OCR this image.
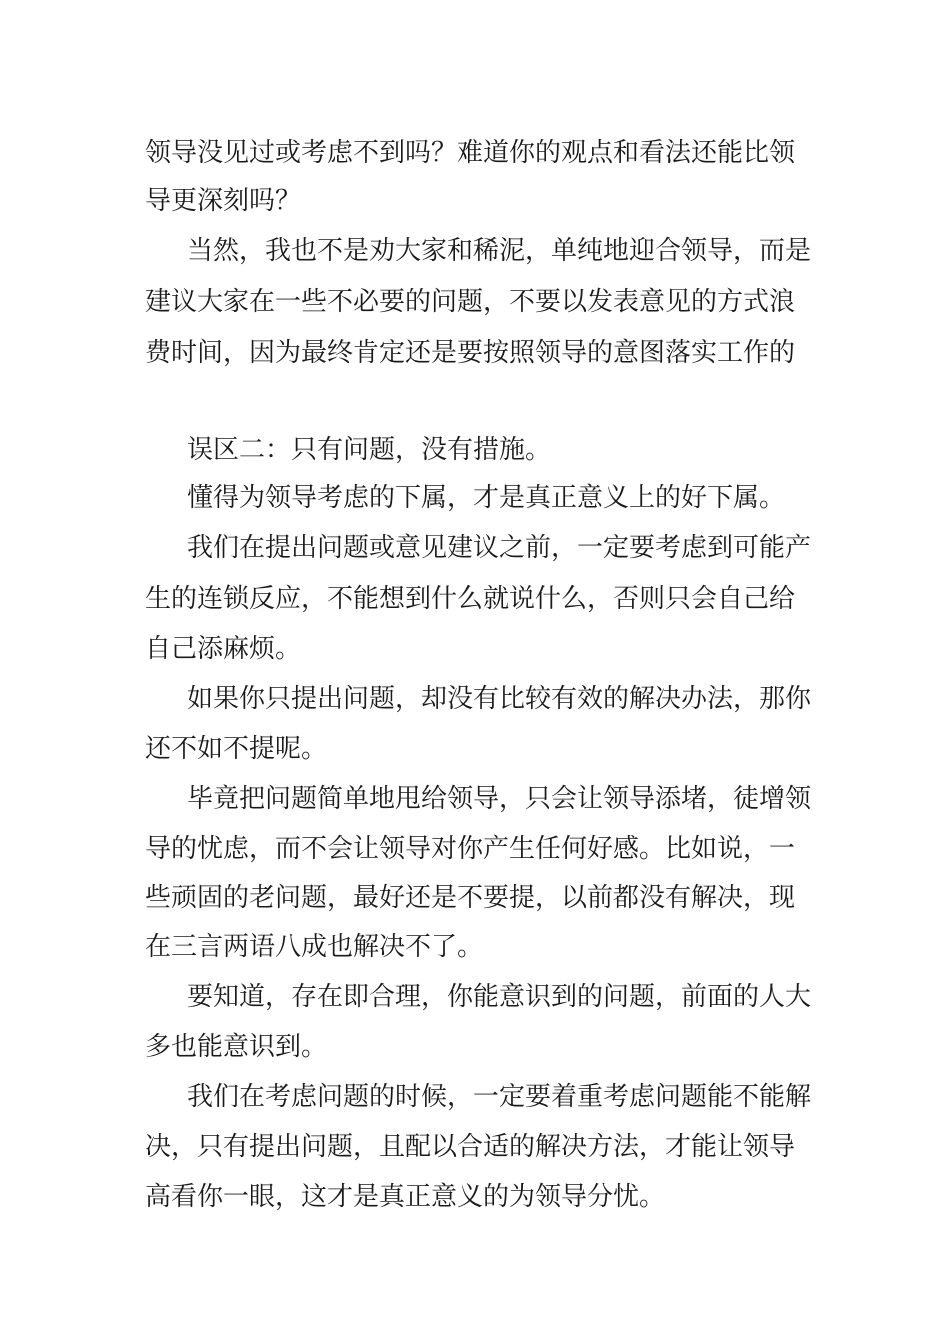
领导没见过或考虑不到吗？难道你的观点和看法还能比领

导更深刻吗？

当然，我也不是劝大家和稀泥，单纯地迎合领导，而是

建议大家在一些不必要的问题，不要以发表意见的方式浪

费时间，因为最终肯定还是要按照领导的意图落实工作的

误区二：只有问题，没有措施。

懂得为领导考虑的下属，才是真正意义上的好下属。

我们在提出问题或意见建议之前，一定要考虑到可能产

生的连锁反应，不能想到什么就说什么，否则只会自己给

自己添麻烦。

如果你只提出问题，却没有比较有效的解决办法，那你

还不如不提呢。

毕竟把问题简单地甩给领导，只会让领导添堵，徒增领

导的忧虑，而不会让领导对你产生任何好感。比如说，一

些顽固的老问题，最好还是不要提，以前都没有解决，现

在三言两语八成也解决不了。

要知道，存在即合理，你能意识到的问题，前面的人大

多也能意识到。

我们在考虑问题的时候，一定要着重考虑问题能不能解

决，只有提出问题，且配以合适的解决方法，才能让领导

高看你一眼，这才是真正意义的为领导分忧。
